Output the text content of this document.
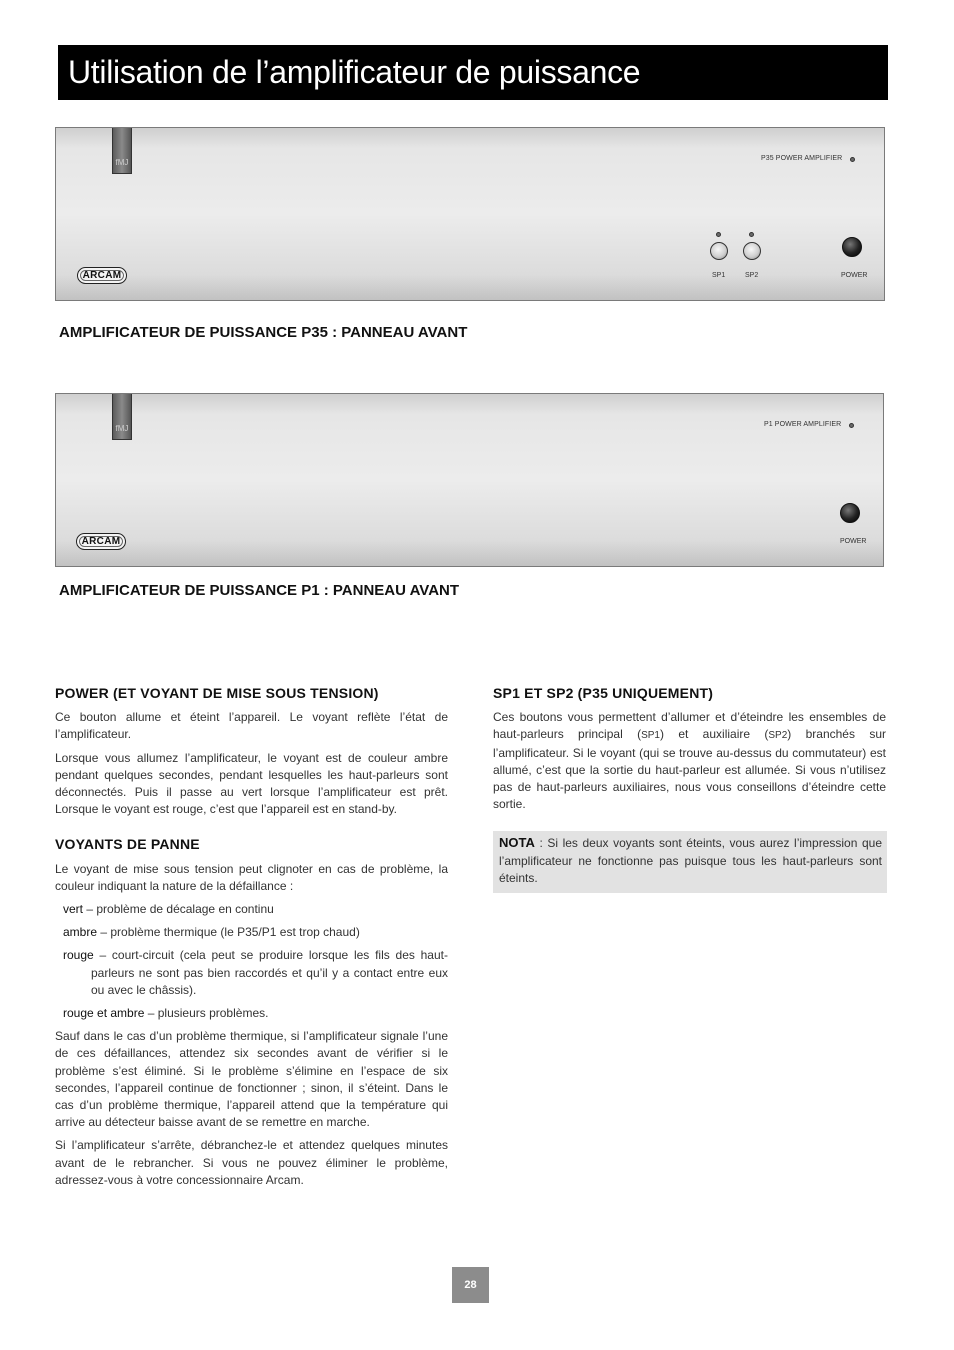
Utilisation de l’amplificateur de puissance
fMJ
ARCAM
P35 POWER AMPLIFIER
SP1	SP2	POWER
AMPLIFICATEUR DE PUISSANCE P35 : PANNEAU AVANT
fMJ
ARCAM
P1 POWER AMPLIFIER
POWER
AMPLIFICATEUR DE PUISSANCE P1 : PANNEAU AVANT
POWER (ET VOYANT DE MISE SOUS TENSION)

Ce bouton allume et éteint l’appareil. Le voyant reflète l’état de l’amplificateur.

Lorsque vous allumez l’amplificateur, le voyant est de couleur ambre pendant quelques secondes, pendant lesquelles les haut-parleurs sont déconnectés. Puis il passe au vert lorsque l’amplificateur est prêt. Lorsque le voyant est rouge, c’est que l’appareil est en stand-by.

VOYANTS DE PANNE

Le voyant de mise sous tension peut clignoter en cas de problème, la couleur indiquant la nature de la défaillance :

vert – problème de décalage en continu
ambre – problème thermique (le P35/P1 est trop chaud)
rouge – court-circuit (cela peut se produire lorsque les fils des haut-parleurs ne sont pas bien raccordés et qu’il y a contact entre eux ou avec le châssis).
rouge et ambre – plusieurs problèmes.

Sauf dans le cas d’un problème thermique, si l’amplificateur signale l’une de ces défaillances, attendez six secondes avant de vérifier si le problème s’est éliminé. Si le problème s’élimine en l’espace de six secondes, l’appareil continue de fonctionner ; sinon, il s’éteint. Dans le cas d’un problème thermique, l’appareil attend que la température qui arrive au détecteur baisse avant de se remettre en marche.

Si l’amplificateur s’arrête, débranchez-le et attendez quelques minutes avant de le rebrancher. Si vous ne pouvez éliminer le problème, adressez-vous à votre concessionnaire Arcam.

SP1 ET SP2 (P35 UNIQUEMENT)

Ces boutons vous permettent d’allumer et d’éteindre les ensembles de haut-parleurs principal (SP1) et auxiliaire (SP2) branchés sur l’amplificateur. Si le voyant (qui se trouve au-dessus du commutateur) est allumé, c’est que la sortie du haut-parleur est allumée. Si vous n’utilisez pas de haut-parleurs auxiliaires, nous vous conseillons d’éteindre cette sortie.

NOTA : Si les deux voyants sont éteints, vous aurez l’impression que l’amplificateur ne fonctionne pas puisque tous les haut-parleurs sont éteints.
28
